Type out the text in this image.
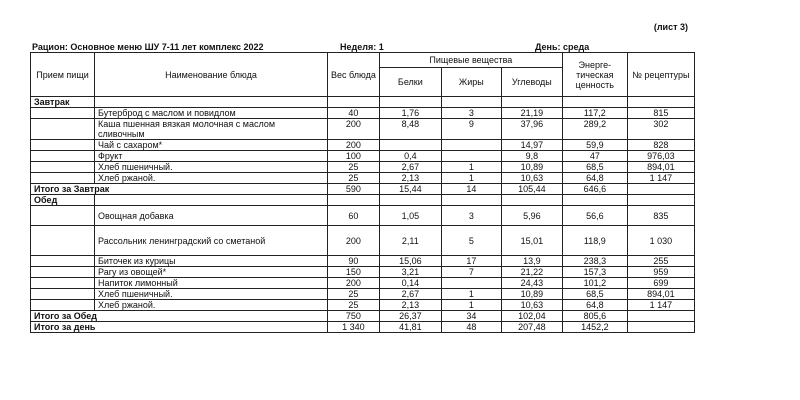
(лист 3)
Рацион: Основное меню ШУ 7-11 лет комплекс 2022	Неделя: 1	День: среда
Прием пищи	Наименование блюда	Вес блюда	Пищевые вещества			Энерге-тическая ценность	№ рецептуры
			Белки	Жиры	Углеводы		
Завтрак							
	Бутерброд с маслом и повидлом	40	1,76	3	21,19	117,2	815
	Каша пшенная вязкая молочная с маслом сливочным	200	8,48	9	37,96	289,2	302
	Чай с сахаром*	200			14,97	59,9	828
	Фрукт	100	0,4		9,8	47	976,03
	Хлеб пшеничный.	25	2,67	1	10,89	68,5	894,01
	Хлеб ржаной.	25	2,13	1	10,63	64,8	1 147
Итого за Завтрак		590	15,44	14	105,44	646,6	
Обед							
	Овощная добавка	60	1,05	3	5,96	56,6	835
	Рассольник ленинградский со сметаной	200	2,11	5	15,01	118,9	1 030
	Биточек из курицы	90	15,06	17	13,9	238,3	255
	Рагу из овощей*	150	3,21	7	21,22	157,3	959
	Напиток лимонный	200	0,14		24,43	101,2	699
	Хлеб пшеничный.	25	2,67	1	10,89	68,5	894,01
	Хлеб ржаной.	25	2,13	1	10,63	64,8	1 147
Итого за Обед		750	26,37	34	102,04	805,6	
Итого за день		1 340	41,81	48	207,48	1452,2	
